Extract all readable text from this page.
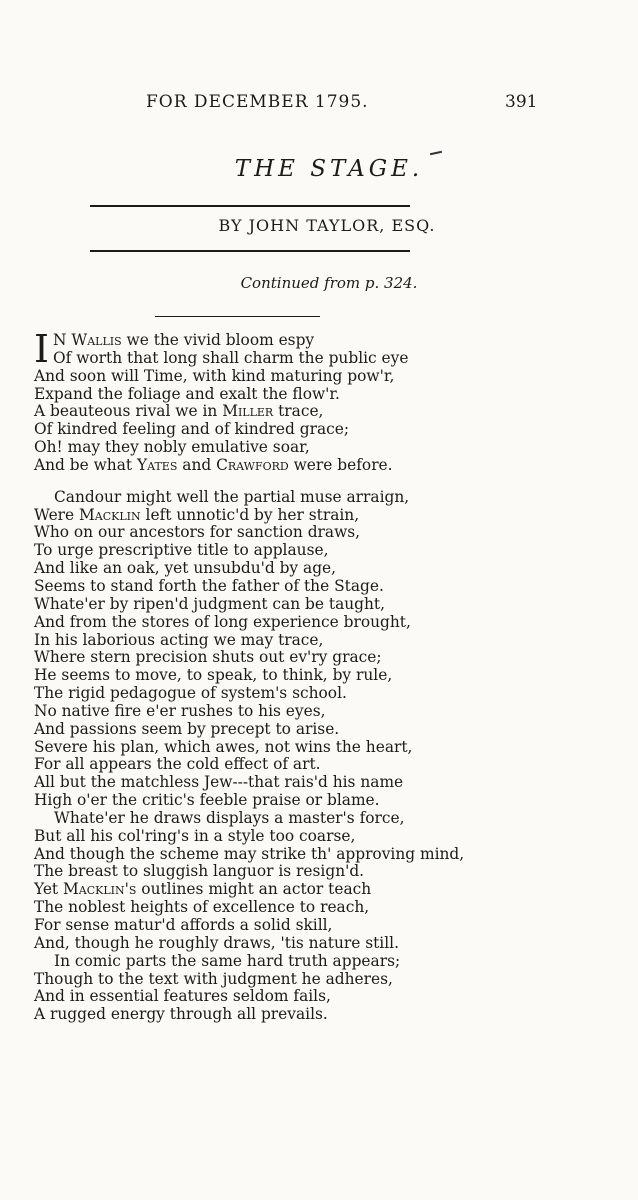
FOR DECEMBER 1795.	391
THE STAGE.
BY JOHN TAYLOR, ESQ.
Continued from p. 324.
I N Wallis we the vivid bloom espy
Of worth that long shall charm the public eye
And soon will Time, with kind maturing pow'r,
Expand the foliage and exalt the flow'r.
A beauteous rival we in Miller trace,
Of kindred feeling and of kindred grace;
Oh! may they nobly emulative soar,
And be what Yates and Crawford were before.
Candour might well the partial muse arraign,
Were Macklin left unnotic'd by her strain,
Who on our ancestors for sanction draws,
To urge prescriptive title to applause,
And like an oak, yet unsubdu'd by age,
Seems to stand forth the father of the Stage.
Whate'er by ripen'd judgment can be taught,
And from the stores of long experience brought,
In his laborious acting we may trace,
Where stern precision shuts out ev'ry grace;
He seems to move, to speak, to think, by rule,
The rigid pedagogue of system's school.
No native fire e'er rushes to his eyes,
And passions seem by precept to arise.
Severe his plan, which awes, not wins the heart,
For all appears the cold effect of art.
All but the matchless Jew---that rais'd his name
High o'er the critic's feeble praise or blame.
Whate'er he draws displays a master's force,
But all his col'ring's in a style too coarse,
And though the scheme may strike th' approving mind,
The breast to sluggish languor is resign'd.
Yet Macklin's outlines might an actor teach
The noblest heights of excellence to reach,
For sense matur'd affords a solid skill,
And, though he roughly draws, 'tis nature still.
In comic parts the same hard truth appears;
Though to the text with judgment he adheres,
And in essential features seldom fails,
A rugged energy through all prevails.
